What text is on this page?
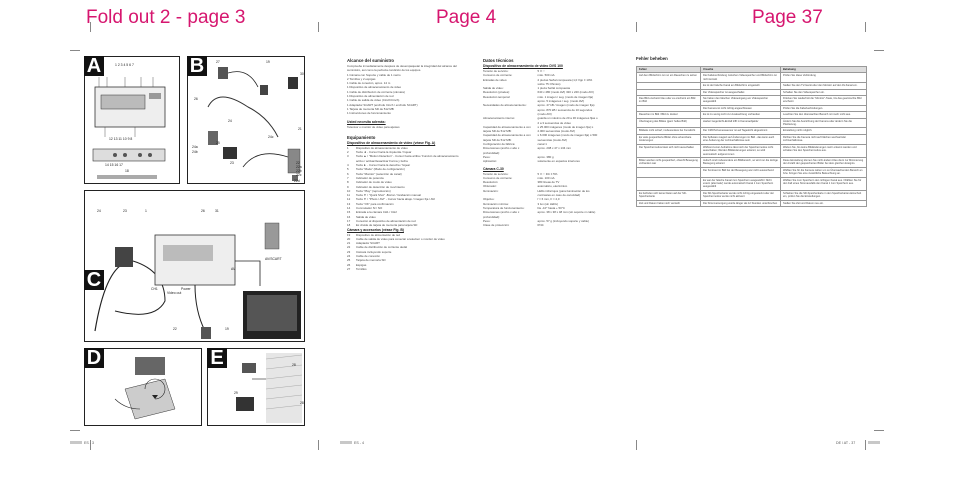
Fold out 2 - page 3	Page 4	Page 37
1 2 3 4 5 6 7
12 13 11 10 9 8
14 15 16 17
18
A	27	19
30
26
25
24
24c
24a
24b
23
21
22
22a
22b
22c
22d
B
24	23	1	26	31
22	19
AV/SCART
AV
CH1
Video out
Power
C
D	28
29
28
E
Alcance del suministro
Compruebe inmediatamente después de desempaquetar la integridad del alcance del suministro, así como la perfecta condición de los equipos.
1 Cámara con Soporte y cable de 1 metro
2 Tornillos y 2 espigas
1 Cable de conexión, aprox. 14 m
1 Dispositivo de almacenamiento de video
1 Cable de distribución de corriente (cámara)
1 Dispositivo de alimentación de red
1 Cable de salida de video (Cinch/Cinch)
1 Adaptador SCART (enchufe Cinch / enchufe SCART)
1 Tarjeta de memoria SD de 512 MB
1 Instrucciones de funcionamiento
Usted necesita además:
Televisor o monitor de video para ajustes
Equipamiento
Dispositivo de almacenamiento de video (véase Fig. A)
1	Dispositivo de almacenamiento de video
2	Tecla ◄ - Cursor hacia la izquierda / hojear
3	Tecla ▲ / "Motion Detection" - Cursor hacia arriba / Función de almacenamiento activo / activar/desactivar Forma y fecha
4	Tecla ► - Cursor hacia la derecha / hojear
5	Tecla "Mode" (Modo de configuración)
6	Tecla "Monitor" (selección de canal)
7	Indicador de potencia
8	Indicador de modo de video
9	Indicador de detección de movimiento
10	Tecla "Play" (reproducción)
11	Tecla ▼ / "Quick Shot" -Borrar / Grabación manual
12	Tecla ▼ / "Photo / AVI" - Cursor hacia abajo / imagen fija / AVI
13	Tecla "OK" para confirmación
14	Conmutador SI / NO
15	Entrada a la cámara CH1 / CH2
16	Salida de video
17	Conexión al dispositivo de alimentación de red
18	Ex druide de tarjeta de memoria para tarjeta SD
Cámara y accesorios (véase Fig. B)
19	Dispositivo de alimentación de red
20	Cable de salida de video para conectar a televisor o monitor de video
21	Adaptador SCART
22	Cable de distribución de corriente dedal
23	Cámara incluyendo soporte
24	Cable de conexión
25	Tarjeta de memoria SD
26	Espigas
27	Tornillos
Datos técnicos
Dispositivo de almacenamiento de video DVS 100
Tensión de servicio:	5 V ⎓
Consumo de corriente:	máx. 500 mA
Entradas de video:	2 piezas Señal compuesta (1,0 Vpp ± 10% sobre 75 Ohmios)
Salida de video:	1 pieza Señal compuesta
Resolución (píxeles):	640 x 480 (modo AVI) 320 x 240 (modo AVI)
Resolución temporal:	máx. 1 imagen / seg. (modo de imagen fija) aprox. 5 imágenes / seg. (modo AVI)
Necesidades de almacenamiento:	aprox. 47 kB / imagen (modo de imagen fija) aprox. 870 kB / secuencia de 10 segundos (modo AVI)
Almacenamiento interno:	guarda un máximo de 20 a 30 imágenes fijas o 2 a 3 secuencias de video
Capacidad de almacenamiento a con tarjeta SD de 512 MB:
≥ 25.000 imágenes (modo de imagen fija) ≥ 2.000 secuencias (modo AVI)
Capacidad de almacenamiento a con tarjeta SD de 512 MB:
≥ 6.000 imágenes (modo de imagen fija) ≥ 500 secuencias (modo AVI)
Configuración de fábrica:	canal 1
Dimensiones (ancho x alto x profundidad):
aprox. 208 x 47 x 134 mm
Peso:	aprox. 380 g
Aplicación:	solamente en espacios interiores
Cámara C-30
Tensión de servicio:	5 V ⎓ DC ± 5%
Consumo de corriente:	máx. 100 mA
Resolución:	380 líneas de TV
Obturador:	automático, electrónico
Iluminación:	LEDs infrarrojos (para iluminación de los contrastes en caso de oscuridad)
Objetivo:	f = 6 mm, F = 2,0
Iluminación mínima:	3 lux (sin LEDs)
Temperatura de funcionamiento:	De -10° hasta + 50°C
Dimensiones (ancho x alto x profundidad):
aprox. 38 x 38 x 48 mm (sin soporte ni cable)
Peso:	aprox. 57 g (incluyendo soporte y cable)
Clase de protección:	IP44
Fehler beheben
Fehler	Ursache	Behebung
Auf dem Bildschirm ist nur ein Rauschen zu sehen	Die Kabelverbindung zwischen Videospeicher und Bildschirm ist nicht korrekt	Prüfen Sie diese Verbindung
	Es ist der falsche Kanal am Bildschirm eingestellt	Stellen Sie den TV-Gerät oder den Monitor auf den AV-Kanal ein.
	Der Videospeicher ist ausgeschaltet	Schalten Sie den Videospeicher ein.
Das Bild erscheint blau oder es erscheint ein Bild im Bild	Sie haben den falschen Videoeingang am Videospeicher ausgewählt	Drücken Sie wiederholt die "Monitor"-Taste, bis das gewünschte Bild erscheint
	Die Kamera ist nicht richtig angeschlossen	Prüfen Sie die Kabelverbindungen.
Rauschen im Bild / Bild zu dunkel	Es ist zu wenig Licht zur Ausleuchtung vorhanden	Leuchten Sie den überwachten Bereich mit mehr Licht aus.
Übertragung des Bildes (ganz helles Bild)	starker Gegenlicht-Einfall trifft in Kameraobjektiv	Ändern Sie die Ausrichtung der Kamera oder ändern Sie die Platzierung.
Bildteile nicht scharf, insbesondere bei Kunstlicht	Der CMOS-Kamerasensor ist auf Tageslicht abgestimmt	Einstellung nicht möglich.
Es viele gespeicherte Bilder ohne erkennbare Änderungen	Die Software reagiert auf Änderungen im Bild - das kann auch eine Änderung der Lichtverhältnisse sein	Richten Sie die Kamera nicht auf Flächen wechselnder Lichtverhältnisse.
Der Speichermodus lässt sich nicht ausschalten	Während einer Aufnahme lässt sich der Speichermodus nicht ausschalten; Werden Bildänderungen erkannt, so wird automatisch aufgenommen	Warten Sie, bis keine Bildänderungen mehr erkannt werden und schalten Sie den Speichermodus aus.
Bilder werden nicht gespeichert, obwohl Bewegung vorhanden war	Jedoch sind insbesondere ein Bildbereich, so wird nur die dortige Bewegung erkannt	Diese Einstellung können Sie nicht ändern.Dies dient zur Minimierung der Anzahl der gespeicherten Bilder bei dem gleichen Ereignis.
	Der Kontrast im Bild bei der Bewegung war nicht ausreichend	Wählen Sie für die Kamera nahen um so Überwachenden Bereich an bzw. bringen Sie eine zusätzliche Beleuchtung an.
	Es war der falsche Kanal zum Speichern ausgewählt / Nicht extern (alternativ) wurde automatisch Kanal 1 zum Speichern ausgewählt	Wählen Sie zum Speichern den richtigen Kanal aus / Wählen Sie für den Fall eines Stromausfalls den Kanal 1 zum Speichern aus.
Es befinden sich keine Daten auf der SD-Speicherkarte	Die SD-Speicherkarte wurde nicht richtig eingesteckt oder der Speichermodus wurde nicht aktiviert	Schieben Sie die SD-Speicherkarte in den Speicherkarten-Einschub ein, prüfen Sie die Einstellungen.
Zeit und Datum haben sich verstellt	Die Stromversorgung wurde länger als 12 Stunden unterbrochen	Stellen Sie Zeit und Datum neu ein.
ES - 3	ES - 4	DE / AT - 37
